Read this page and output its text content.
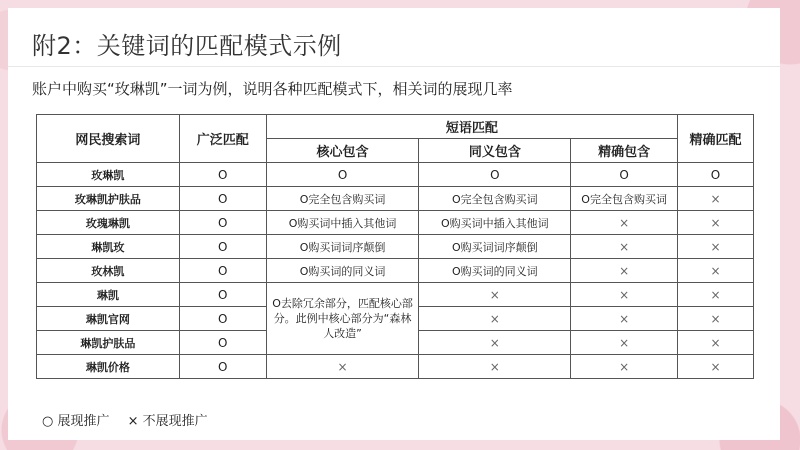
附2：关键词的匹配模式示例
账户中购买“玫琳凯”一词为例，说明各种匹配模式下，相关词的展现几率
网民搜索词	广泛匹配	短语匹配			精确匹配
		核心包含	同义包含	精确包含	
玫琳凯	O	O	O	O	O
玫琳凯护肤品	O	O完全包含购买词	O完全包含购买词	O完全包含购买词	×
玫瑰琳凯	O	O购买词中插入其他词	O购买词中插入其他词	×	×
琳凯玫	O	O购买词词序颠倒	O购买词词序颠倒	×	×
玫林凯	O	O购买词的同义词	O购买词的同义词	×	×
琳凯	O	O去除冗余部分，匹配核心部分。此例中核心部分为“森林人改造”	×	×	×
琳凯官网	O		×	×	×
琳凯护肤品	O		×	×	×
琳凯价格	O	×	×	×	×
○ 展现推广 × 不展现推广
